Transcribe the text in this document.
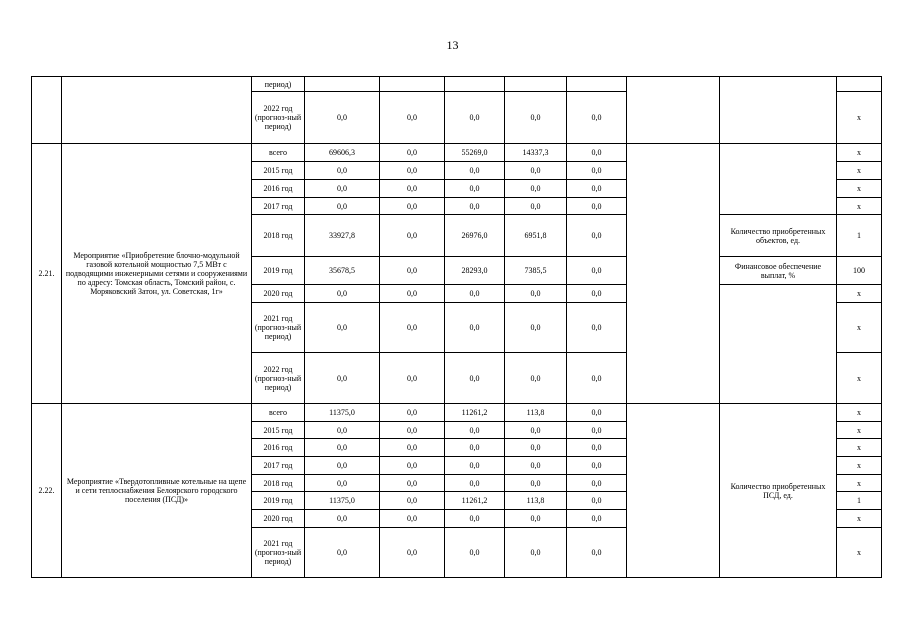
13
		период)								
		2022 год (прогноз-ный период)	0,0	0,0	0,0	0,0	0,0			x
2.21.	Мероприятие «Приобретение блочно-модульной газовой котельной мощностью 7,5 МВт с подводящими инженерными сетями и сооружениями по адресу: Томская область, Томский район, с. Моряковский Затон, ул. Советская, 1г»	всего	69606,3	0,0	55269,0	14337,3	0,0			x
		2015 год	0,0	0,0	0,0	0,0	0,0			x
		2016 год	0,0	0,0	0,0	0,0	0,0			x
		2017 год	0,0	0,0	0,0	0,0	0,0			x
		2018 год	33927,8	0,0	26976,0	6951,8	0,0		Количество приобретенных объектов, ед.	1
		2019 год	35678,5	0,0	28293,0	7385,5	0,0		Финансовое обеспечение выплат, %	100
		2020 год	0,0	0,0	0,0	0,0	0,0			x
		2021 год (прогноз-ный период)	0,0	0,0	0,0	0,0	0,0			x
		2022 год (прогноз-ный период)	0,0	0,0	0,0	0,0	0,0			x
2.22.	Мероприятие «Твердотопливные котельные на щепе и сети теплоснабжения Белоярского городского поселения (ПСД)»	всего	11375,0	0,0	11261,2	113,8	0,0		Количество приобретенных ПСД, ед.	x
		2015 год	0,0	0,0	0,0	0,0	0,0			x
		2016 год	0,0	0,0	0,0	0,0	0,0			x
		2017 год	0,0	0,0	0,0	0,0	0,0			x
		2018 год	0,0	0,0	0,0	0,0	0,0			x
		2019 год	11375,0	0,0	11261,2	113,8	0,0			1
		2020 год	0,0	0,0	0,0	0,0	0,0			x
		2021 год (прогноз-ный период)	0,0	0,0	0,0	0,0	0,0			x
